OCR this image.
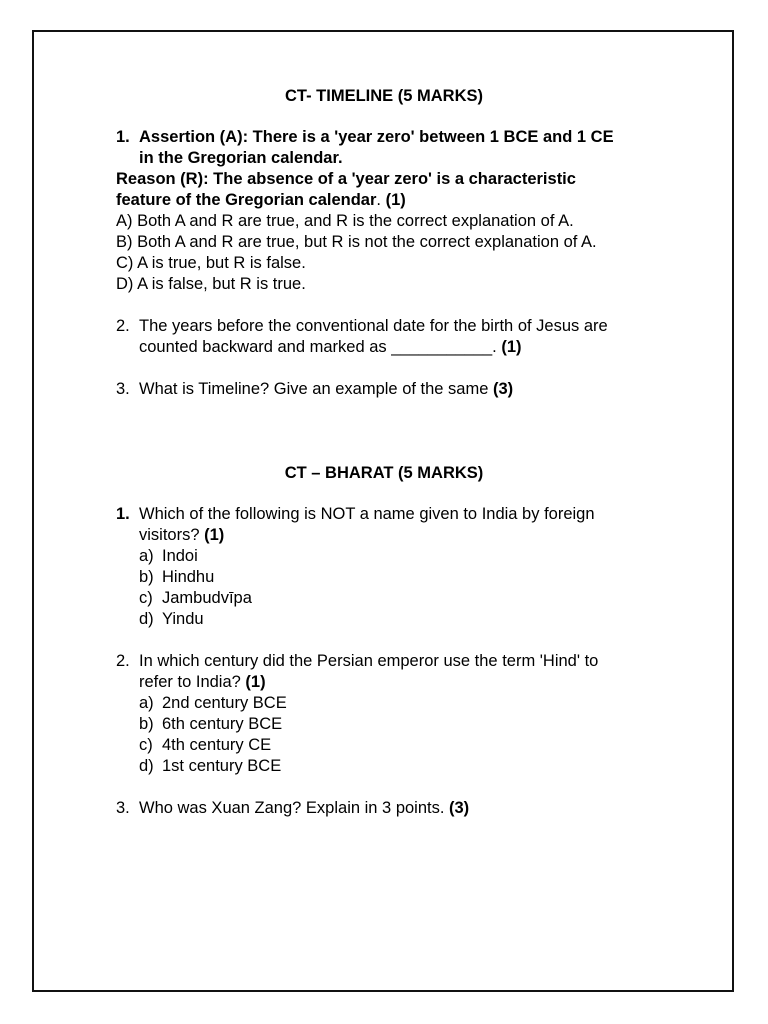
CT- TIMELINE (5 MARKS)
1. Assertion (A): There is a 'year zero' between 1 BCE and 1 CE
in the Gregorian calendar.
Reason (R): The absence of a 'year zero' is a characteristic
feature of the Gregorian calendar. (1)
A) Both A and R are true, and R is the correct explanation of A.
B) Both A and R are true, but R is not the correct explanation of A.
C) A is true, but R is false.
D) A is false, but R is true.
2. The years before the conventional date for the birth of Jesus are
counted backward and marked as ___________. (1)
3. What is Timeline? Give an example of the same (3)
CT – BHARAT (5 MARKS)
1. Which of the following is NOT a name given to India by foreign
visitors? (1)
a) Indoi
b) Hindhu
c) Jambudvīpa
d) Yindu
2. In which century did the Persian emperor use the term 'Hind' to
refer to India? (1)
a) 2nd century BCE
b) 6th century BCE
c) 4th century CE
d) 1st century BCE
3. Who was Xuan Zang? Explain in 3 points. (3)
